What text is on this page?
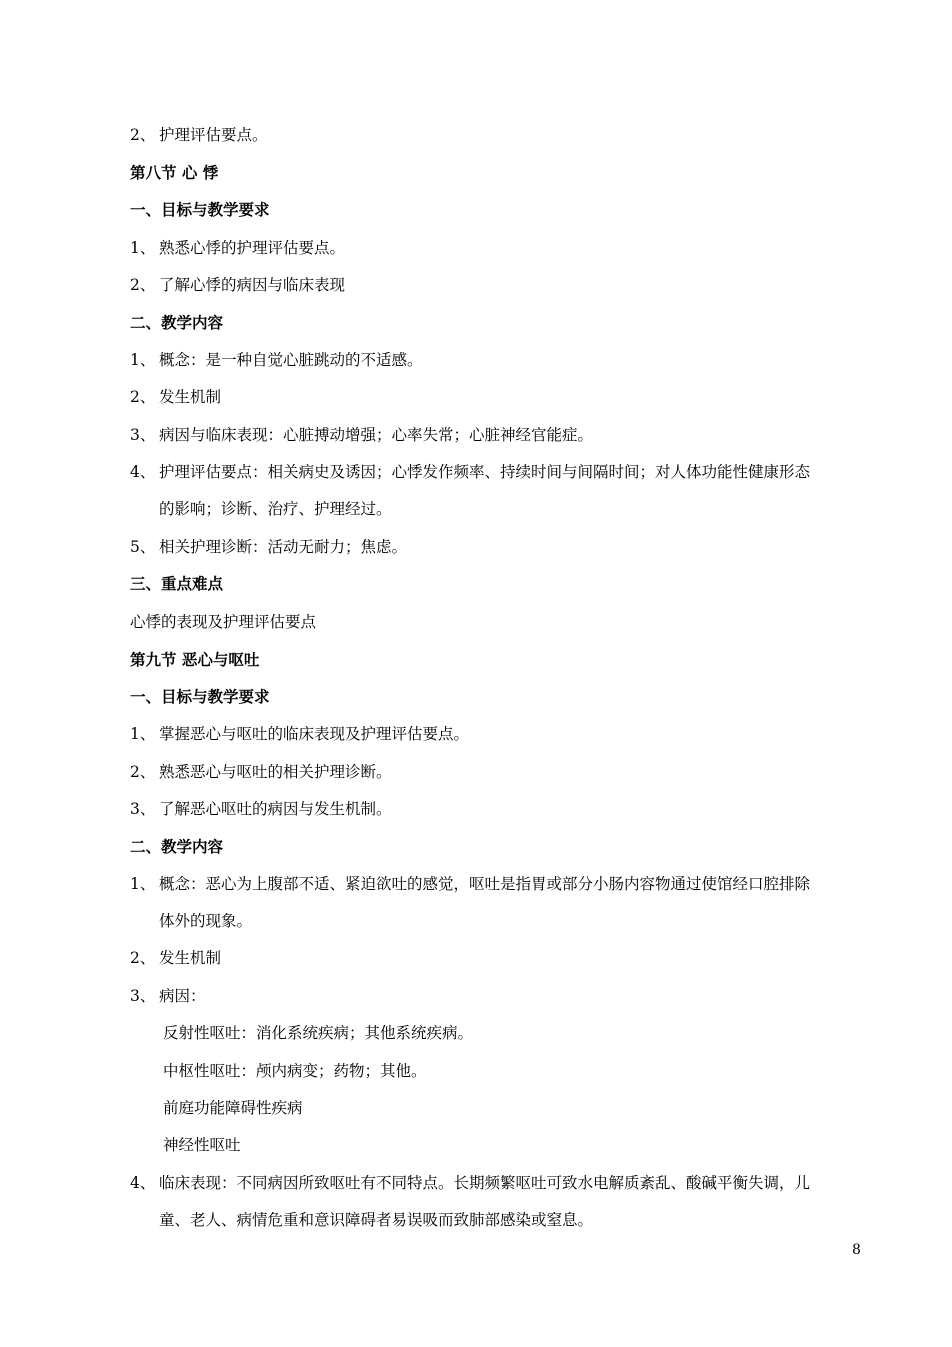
2、 护理评估要点。
第八节 心 悸
一、目标与教学要求
1、 熟悉心悸的护理评估要点。
2、 了解心悸的病因与临床表现
二、教学内容
1、 概念：是一种自觉心脏跳动的不适感。
2、 发生机制
3、 病因与临床表现：心脏搏动增强；心率失常；心脏神经官能症。
4、 护理评估要点：相关病史及诱因；心悸发作频率、持续时间与间隔时间；对人体功能性健康形态
的影响；诊断、治疗、护理经过。
5、 相关护理诊断：活动无耐力；焦虑。
三、重点难点
心悸的表现及护理评估要点
第九节 恶心与呕吐
一、目标与教学要求
1、 掌握恶心与呕吐的临床表现及护理评估要点。
2、 熟悉恶心与呕吐的相关护理诊断。
3、 了解恶心呕吐的病因与发生机制。
二、教学内容
1、 概念：恶心为上腹部不适、紧迫欲吐的感觉，呕吐是指胃或部分小肠内容物通过使馆经口腔排除
体外的现象。
2、 发生机制
3、 病因：
反射性呕吐：消化系统疾病；其他系统疾病。
中枢性呕吐：颅内病变；药物；其他。
前庭功能障碍性疾病
神经性呕吐
4、 临床表现：不同病因所致呕吐有不同特点。长期频繁呕吐可致水电解质紊乱、酸碱平衡失调，儿
童、老人、病情危重和意识障碍者易误吸而致肺部感染或窒息。
8
